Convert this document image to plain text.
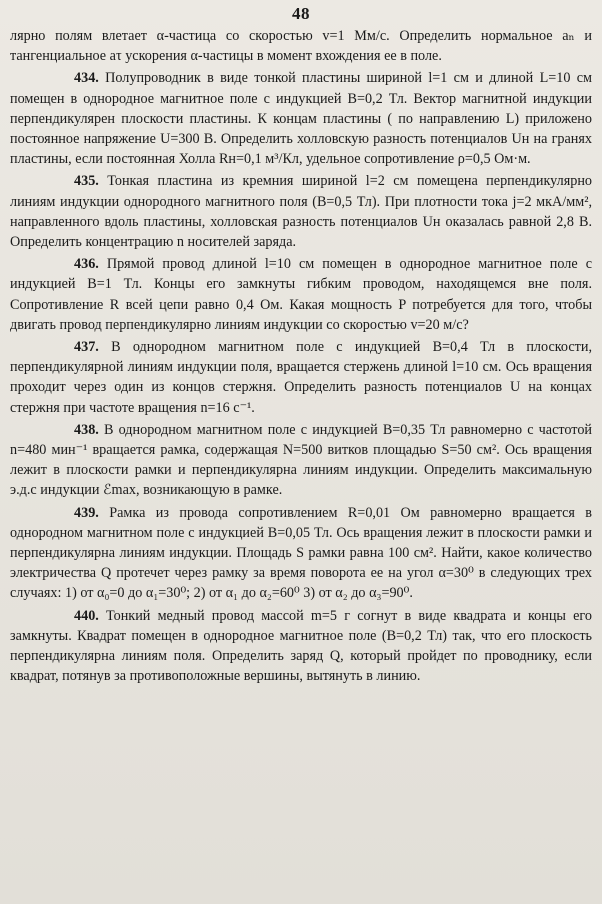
48

лярно полям влетает α-частица со скоростью v=1 Мм/с. Определить нормальное aₙ и тангенциальное aτ ускорения α-частицы в момент вхождения ее в поле.

434. Полупроводник в виде тонкой пластины шириной l=1 см и длиной L=10 см помещен в однородное магнитное поле с индукцией B=0,2 Тл. Вектор магнитной индукции перпендикулярен плоскости пластины. К концам пластины ( по направлению L) приложено постоянное напряжение U=300 В. Определить холловскую разность потенциалов Uн на гранях пластины, если постоянная Холла Rн=0,1 м³/Кл, удельное сопротивление ρ=0,5 Ом·м.

435. Тонкая пластина из кремния шириной l=2 см помещена перпендикулярно линиям индукции однородного магнитного поля (B=0,5 Тл). При плотности тока j=2 мкА/мм², направленного вдоль пластины, холловская разность потенциалов Uн оказалась равной 2,8 В. Определить концентрацию n носителей заряда.

436. Прямой провод длиной l=10 см помещен в однородное магнитное поле с индукцией B=1 Тл. Концы его замкнуты гибким проводом, находящемся вне поля. Сопротивление R всей цепи равно 0,4 Ом. Какая мощность P потребуется для того, чтобы двигать провод перпендикулярно линиям индукции со скоростью v=20 м/с?

437. В однородном магнитном поле с индукцией B=0,4 Тл в плоскости, перпендикулярной линиям индукции поля, вращается стержень длиной l=10 см. Ось вращения проходит через один из концов стержня. Определить разность потенциалов U на концах стержня при частоте вращения n=16 с⁻¹.

438. В однородном магнитном поле с индукцией B=0,35 Тл равномерно с частотой n=480 мин⁻¹ вращается рамка, содержащая N=500 витков площадью S=50 см². Ось вращения лежит в плоскости рамки и перпендикулярна линиям индукции. Определить максимальную э.д.с индукции ℰmax, возникающую в рамке.

439. Рамка из провода сопротивлением R=0,01 Ом равномерно вращается в однородном магнитном поле с индукцией B=0,05 Тл. Ось вращения лежит в плоскости рамки и перпендикулярна линиям индукции. Площадь S рамки равна 100 см². Найти, какое количество электричества Q протечет через рамку за время поворота ее на угол α=30⁰ в следующих трех случаях: 1) от α₀=0 до α₁=30⁰; 2) от α₁ до α₂=60⁰ 3) от α₂ до α₃=90⁰.

440. Тонкий медный провод массой m=5 г согнут в виде квадрата и концы его замкнуты. Квадрат помещен в однородное магнитное поле (B=0,2 Тл) так, что его плоскость перпендикулярна линиям поля. Определить заряд Q, который пройдет по проводнику, если квадрат, потянув за противоположные вершины, вытянуть в линию.
